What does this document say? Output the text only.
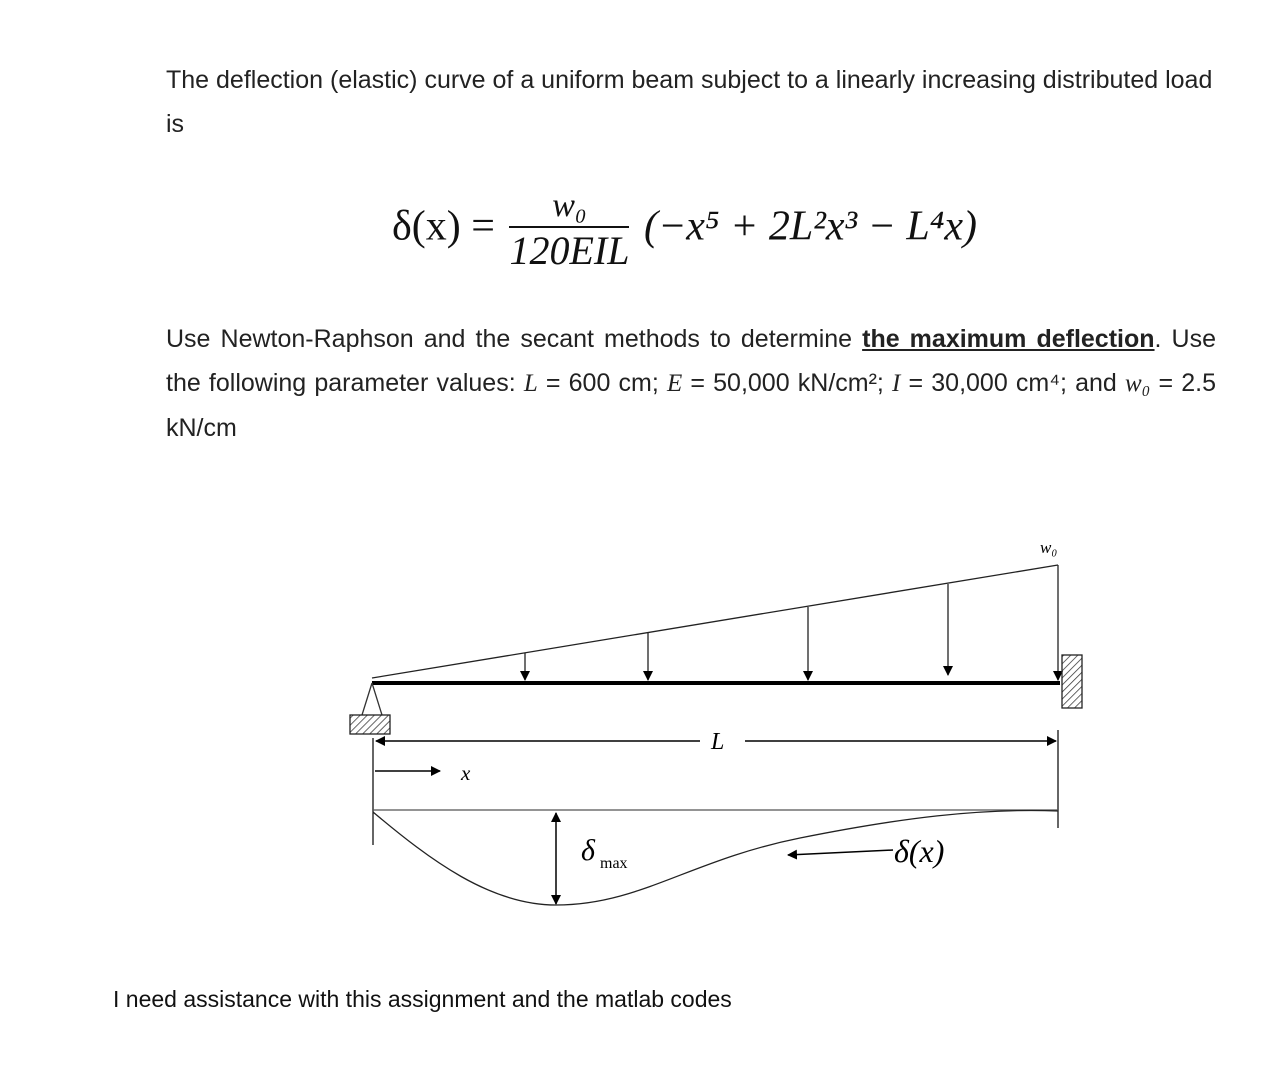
The deflection (elastic) curve of a uniform beam subject to a linearly increasing distributed load is
$\delta(x) = \frac{\text{w₀}}{\text{120EIL}} (-x^5 + 2L^2x^3 - L^4x)$
Use Newton-Raphson and the secant methods to determine the maximum deflection. Use the following parameter values: L = 600 cm; E = 50,000 kN/cm²; I = 30,000 cm⁴; and w₀ = 2.5 kN/cm
L
x
w₀
δ max	δ(x)
I need assistance with this assignment and the matlab codes
